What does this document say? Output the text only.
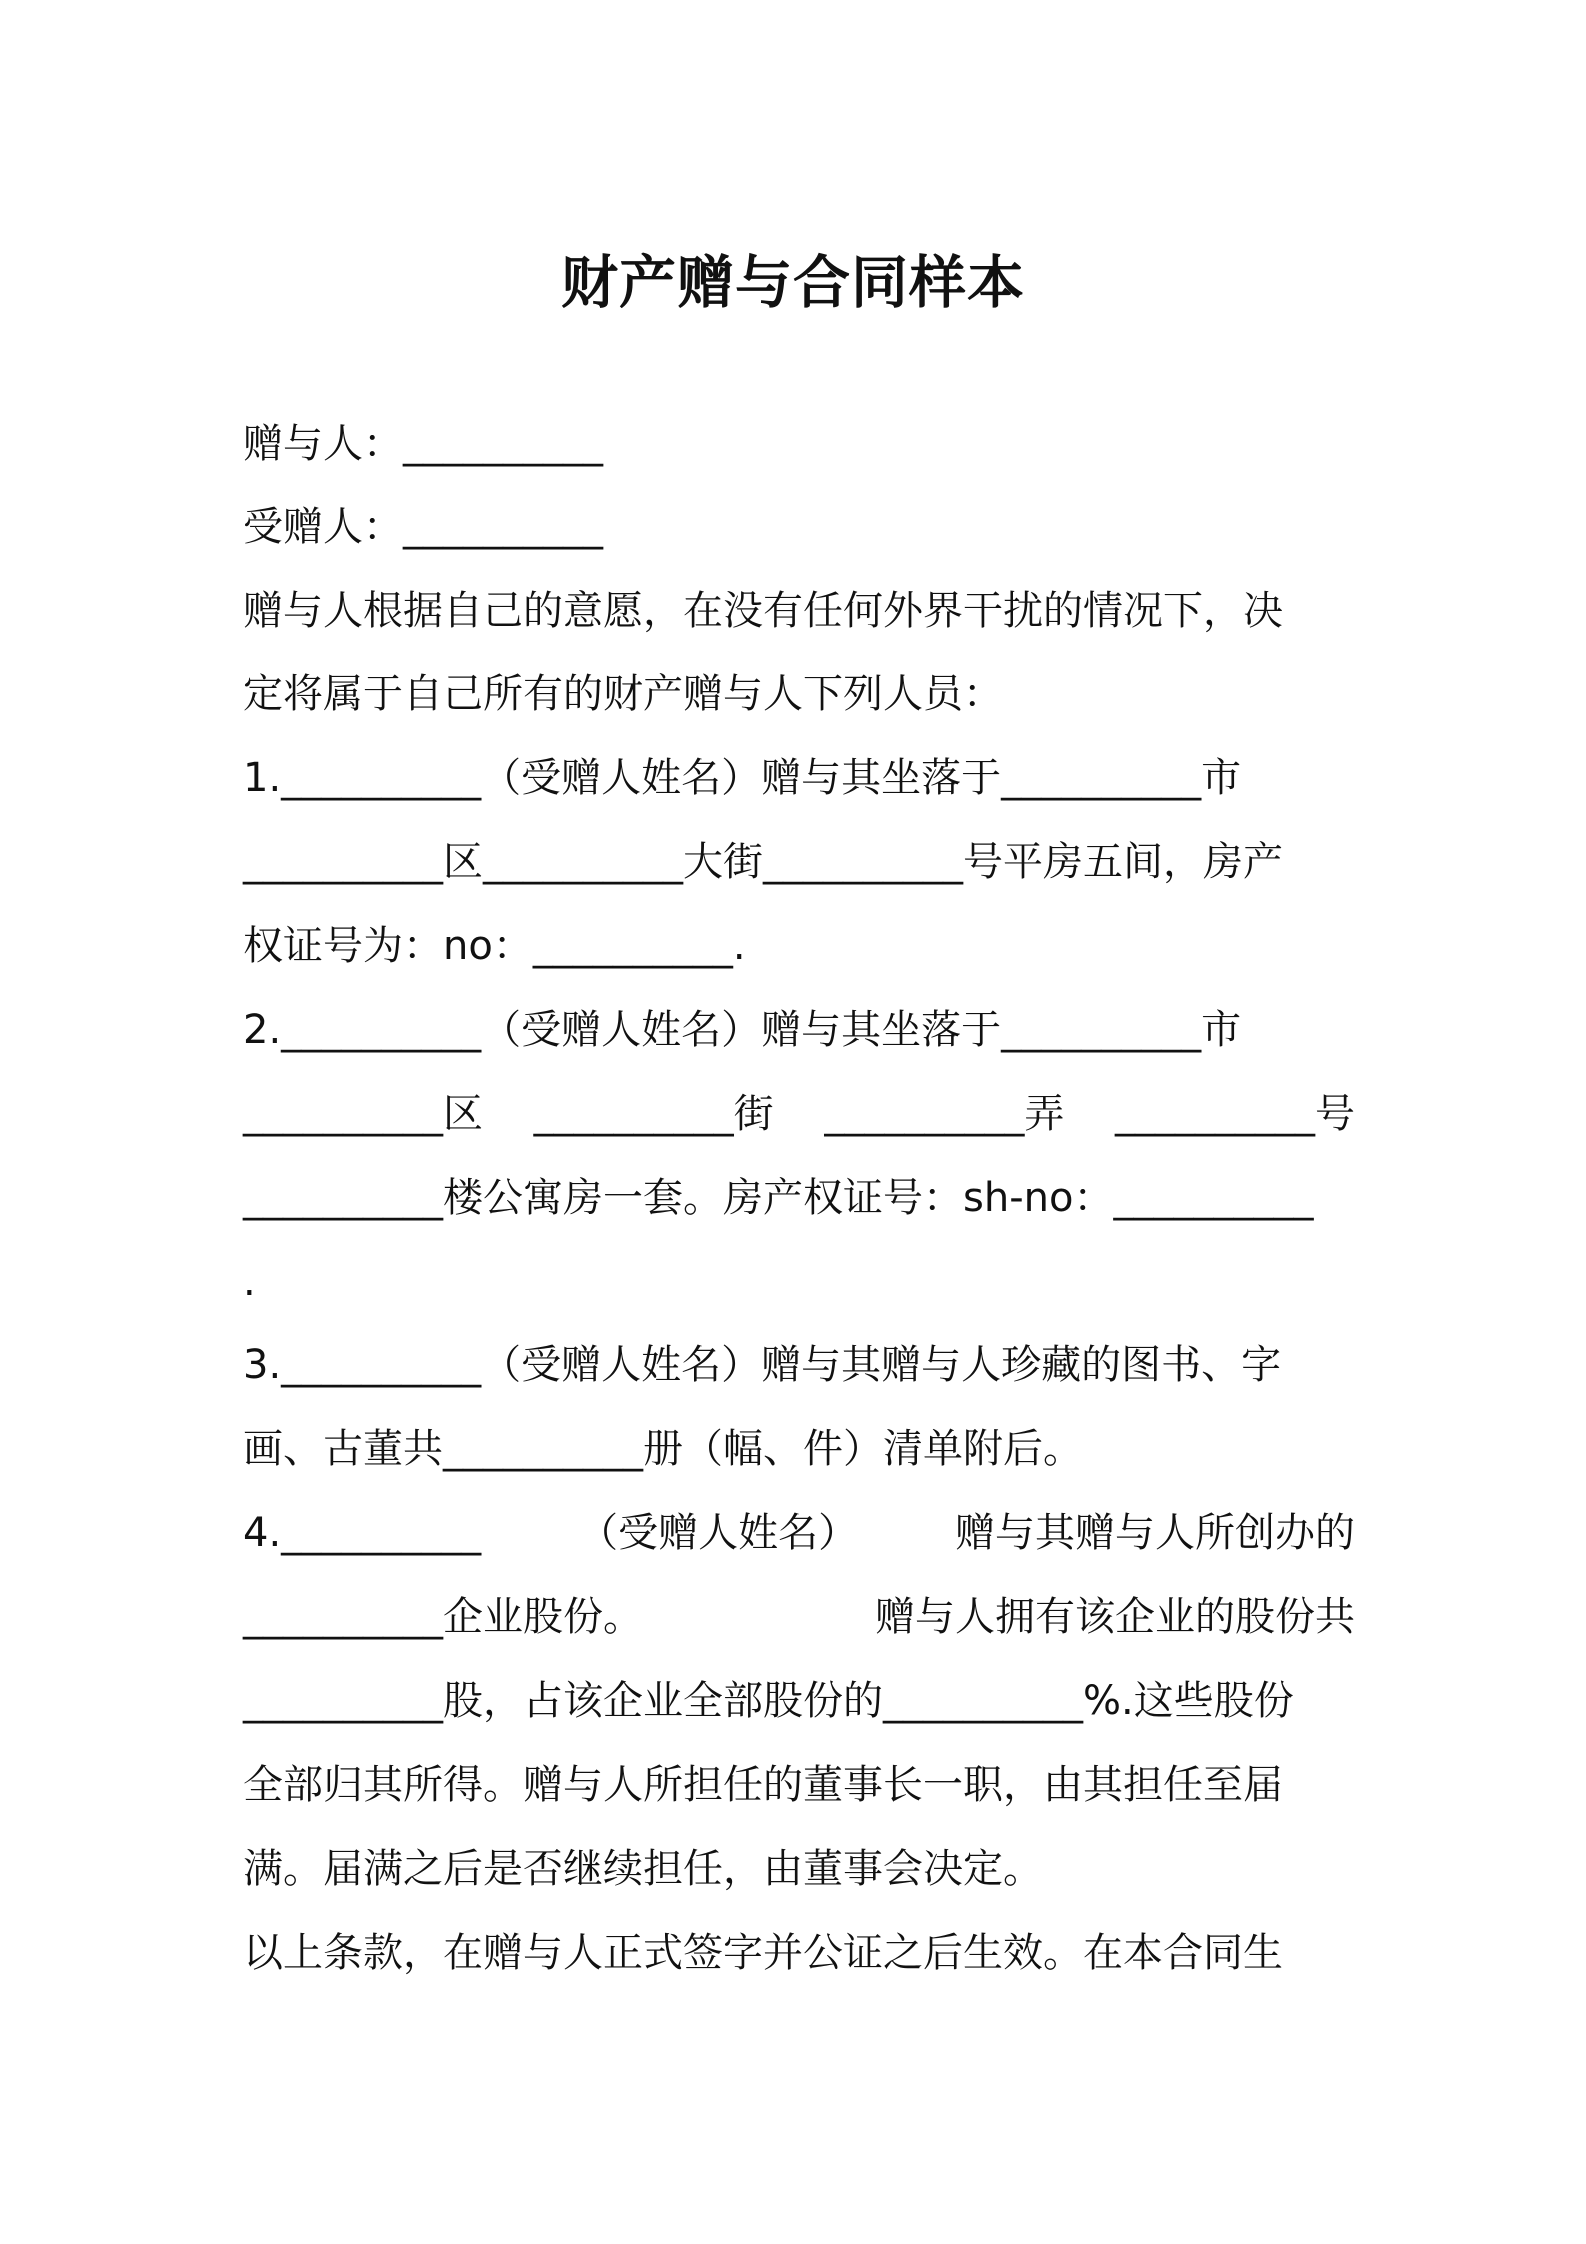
财产赠与合同样本
赠与人：__________
受赠人：__________
赠与人根据自己的意愿，在没有任何外界干扰的情况下，决
定将属于自己所有的财产赠与人下列人员：
1.__________（受赠人姓名）赠与其坐落于__________市
__________区__________大街__________号平房五间，房产
权证号为：no：__________.
2.__________（受赠人姓名）赠与其坐落于__________市
__________区 __________街 __________弄 __________号
__________楼公寓房一套。房产权证号：sh-no：__________
.
3.__________（受赠人姓名）赠与其赠与人珍藏的图书、字
画、古董共__________册（幅、件）清单附后。
4.__________ （受赠人姓名） 赠与其赠与人所创办的
__________企业股份。	赠与人拥有该企业的股份共
__________股，占该企业全部股份的__________%.这些股份
全部归其所得。赠与人所担任的董事长一职，由其担任至届
满。届满之后是否继续担任，由董事会决定。
以上条款，在赠与人正式签字并公证之后生效。在本合同生
